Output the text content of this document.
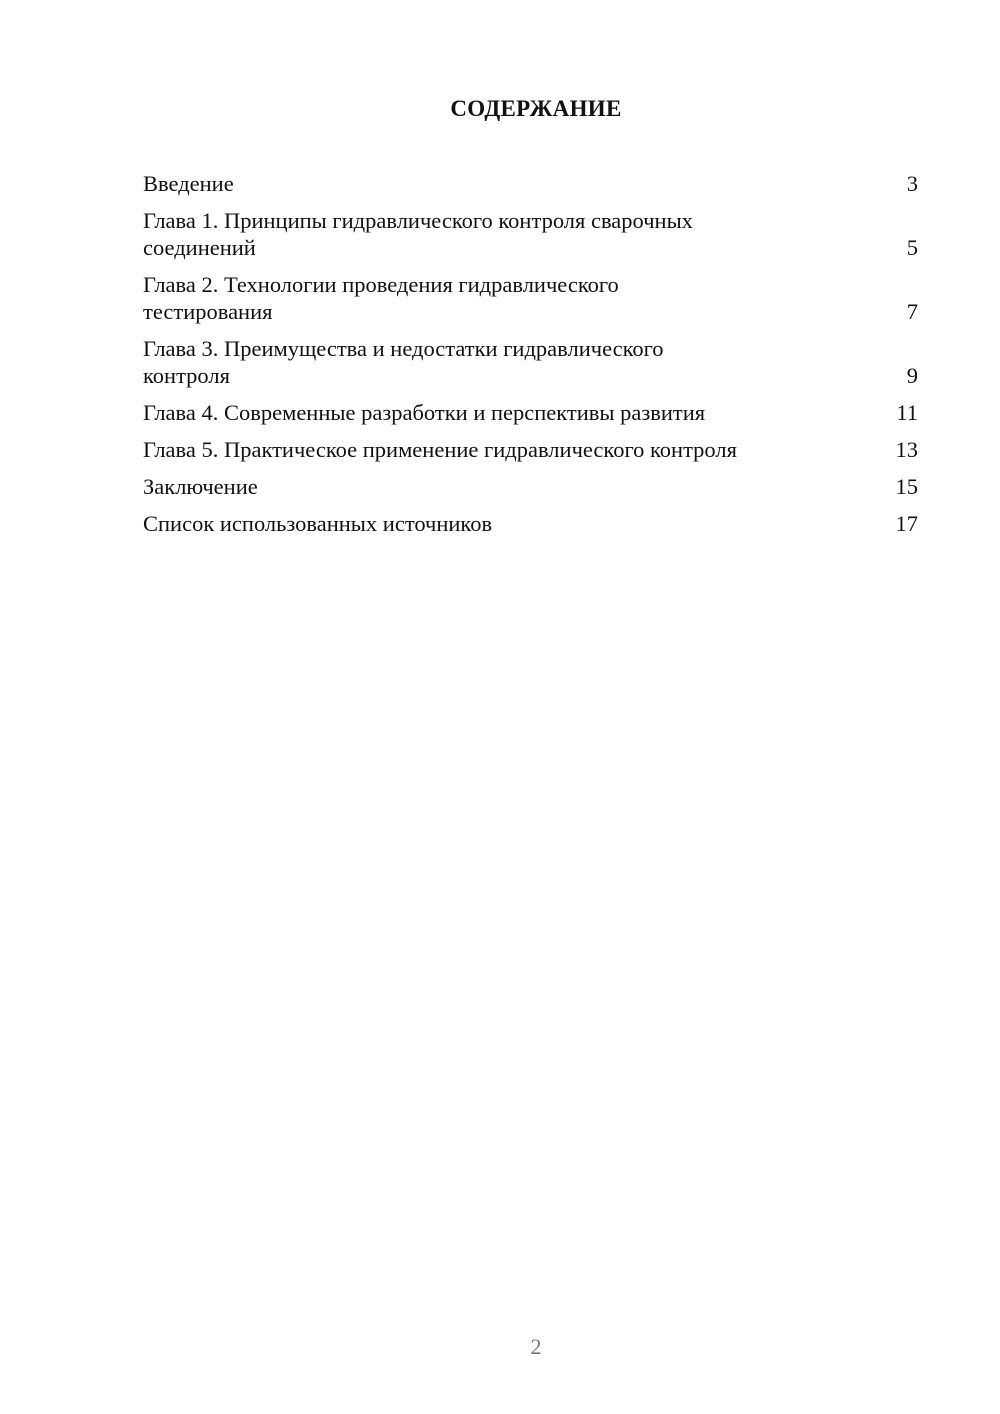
СОДЕРЖАНИЕ
Введение	3
Глава 1. Принципы гидравлического контроля сварочных
соединений	5
Глава 2. Технологии проведения гидравлического
тестирования	7
Глава 3. Преимущества и недостатки гидравлического
контроля	9
Глава 4. Современные разработки и перспективы развития	11
Глава 5. Практическое применение гидравлического контроля	13
Заключение	15
Список использованных источников	17
2
